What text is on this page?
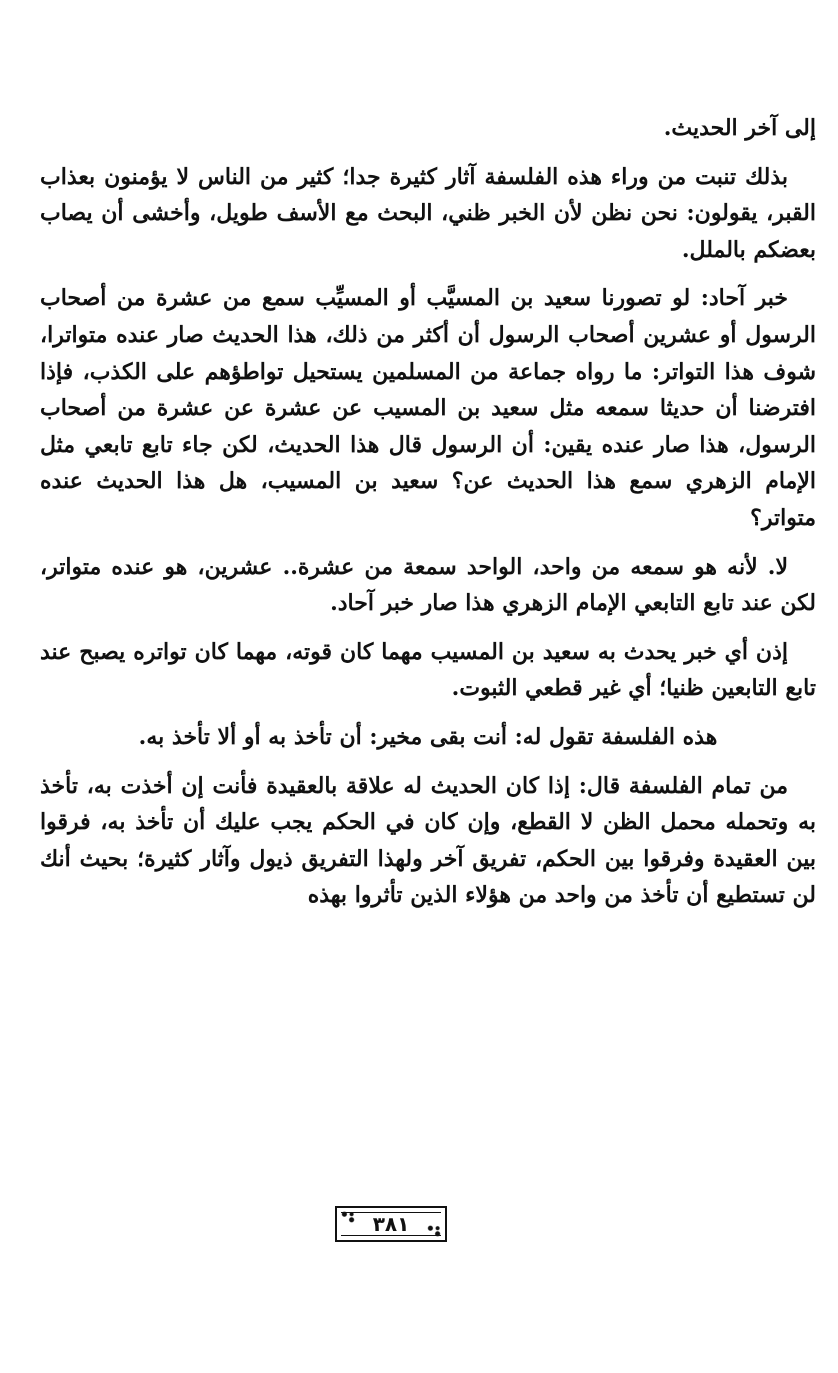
إلى آخر الحديث.

بذلك تنبت من وراء هذه الفلسفة آثار كثيرة جدا؛ كثير من الناس لا يؤمنون بعذاب القبر، يقولون: نحن نظن لأن الخبر ظني، البحث مع الأسف طويل، وأخشى أن يصاب بعضكم بالملل.

خبر آحاد: لو تصورنا سعيد بن المسيَّب أو المسيِّب سمع من عشرة من أصحاب الرسول أو عشرين أصحاب الرسول أن أكثر من ذلك، هذا الحديث صار عنده متواترا، شوف هذا التواتر: ما رواه جماعة من المسلمين يستحيل تواطؤهم على الكذب، فإذا افترضنا أن حديثا سمعه مثل سعيد بن المسيب عن عشرة عن عشرة من أصحاب الرسول، هذا صار عنده يقين: أن الرسول قال هذا الحديث، لكن جاء تابع تابعي مثل الإمام الزهري سمع هذا الحديث عن؟ سعيد بن المسيب، هل هذا الحديث عنده متواتر؟

لا. لأنه هو سمعه من واحد، الواحد سمعة من عشرة.. عشرين، هو عنده متواتر، لكن عند تابع التابعي الإمام الزهري هذا صار خبر آحاد.

إذن أي خبر يحدث به سعيد بن المسيب مهما كان قوته، مهما كان تواتره يصبح عند تابع التابعين ظنيا؛ أي غير قطعي الثبوت.

هذه الفلسفة تقول له: أنت بقى مخير: أن تأخذ به أو ألا تأخذ به.

من تمام الفلسفة قال: إذا كان الحديث له علاقة بالعقيدة فأنت إن أخذت به، تأخذ به وتحمله محمل الظن لا القطع، وإن كان في الحكم يجب عليك أن تأخذ به، فرقوا بين العقيدة وفرقوا بين الحكم، تفريق آخر ولهذا التفريق ذيول وآثار كثيرة؛ بحيث أنك لن تستطيع أن تأخذ من واحد من هؤلاء الذين تأثروا بهذه

٣٨١
